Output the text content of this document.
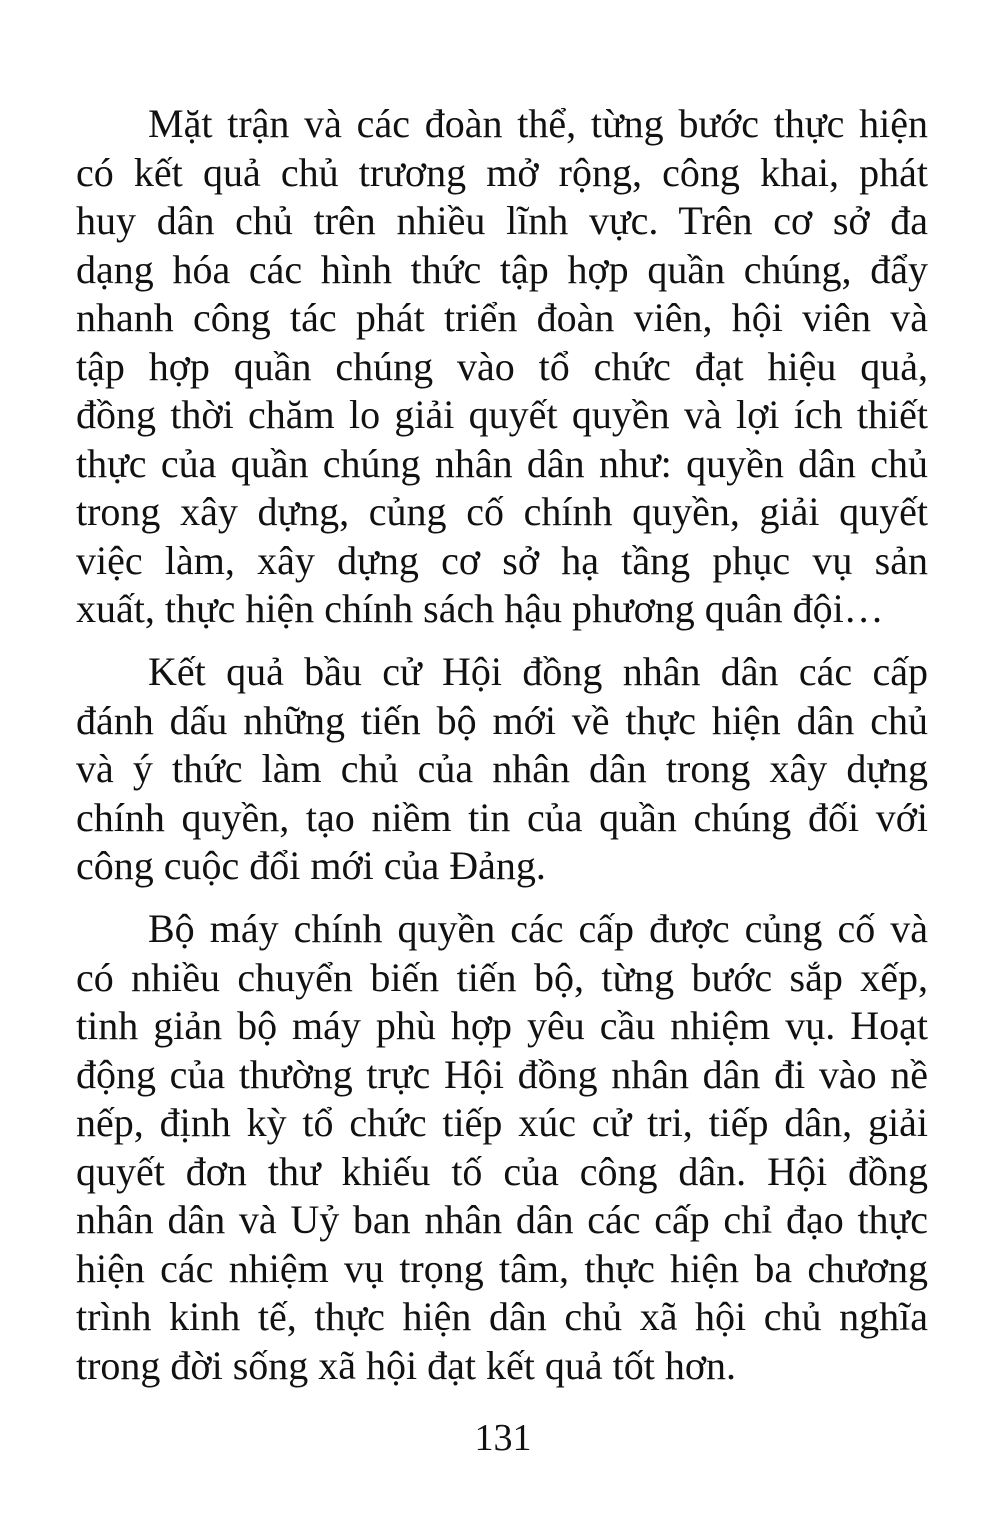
Mặt trận và các đoàn thể, từng bước thực hiện
có kết quả chủ trương mở rộng, công khai, phát
huy dân chủ trên nhiều lĩnh vực. Trên cơ sở đa
dạng hóa các hình thức tập hợp quần chúng, đẩy
nhanh công tác phát triển đoàn viên, hội viên và
tập hợp quần chúng vào tổ chức đạt hiệu quả,
đồng thời chăm lo giải quyết quyền và lợi ích thiết
thực của quần chúng nhân dân như: quyền dân chủ
trong xây dựng, củng cố chính quyền, giải quyết
việc làm, xây dựng cơ sở hạ tầng phục vụ sản
xuất, thực hiện chính sách hậu phương quân đội…
Kết quả bầu cử Hội đồng nhân dân các cấp
đánh dấu những tiến bộ mới về thực hiện dân chủ
và ý thức làm chủ của nhân dân trong xây dựng
chính quyền, tạo niềm tin của quần chúng đối với
công cuộc đổi mới của Đảng.
Bộ máy chính quyền các cấp được củng cố và
có nhiều chuyển biến tiến bộ, từng bước sắp xếp,
tinh giản bộ máy phù hợp yêu cầu nhiệm vụ. Hoạt
động của thường trực Hội đồng nhân dân đi vào nề
nếp, định kỳ tổ chức tiếp xúc cử tri, tiếp dân, giải
quyết đơn thư khiếu tố của công dân. Hội đồng
nhân dân và Uỷ ban nhân dân các cấp chỉ đạo thực
hiện các nhiệm vụ trọng tâm, thực hiện ba chương
trình kinh tế, thực hiện dân chủ xã hội chủ nghĩa
trong đời sống xã hội đạt kết quả tốt hơn.
131
